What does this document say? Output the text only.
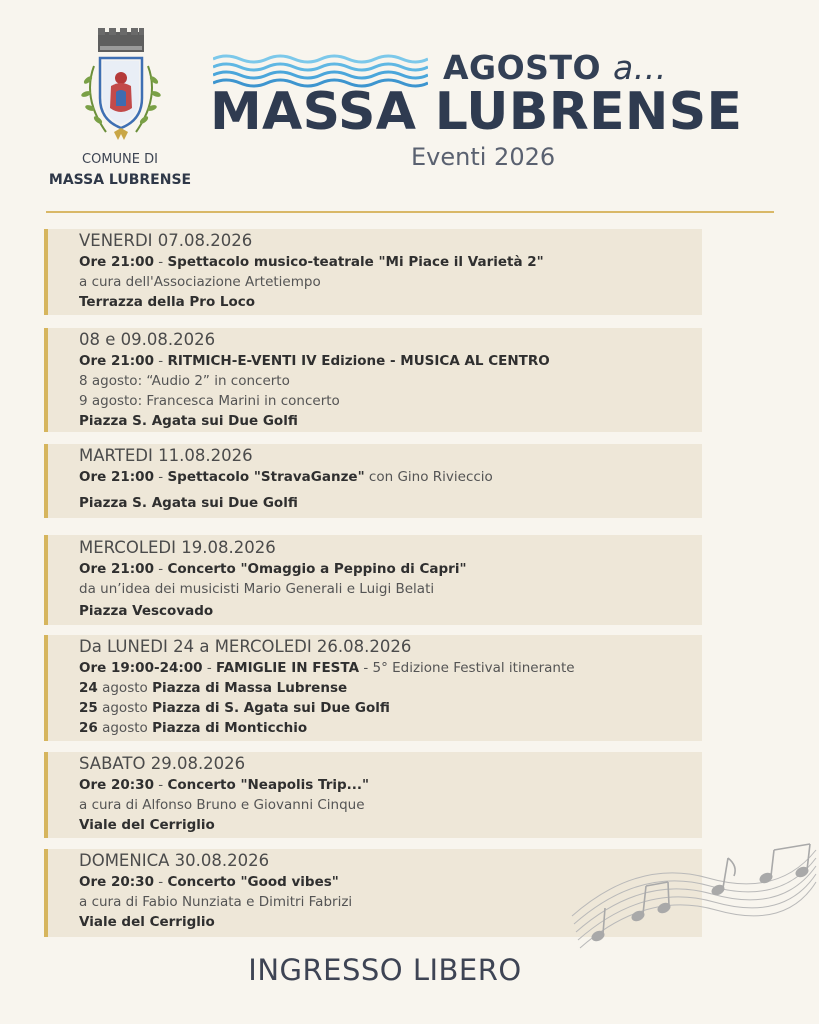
COMUNE DI
MASSA LUBRENSE
AGOSTO a...
MASSA LUBRENSE
Eventi 2026
VENERDI 07.08.2026
Ore 21:00 - Spettacolo musico-teatrale "Mi Piace il Varietà 2"
a cura dell'Associazione Artetiempo
Terrazza della Pro Loco
08 e 09.08.2026
Ore 21:00 - RITMICH-E-VENTI IV Edizione - MUSICA AL CENTRO
8 agosto: “Audio 2” in concerto
9 agosto: Francesca Marini in concerto
Piazza S. Agata sui Due Golfi
MARTEDI 11.08.2026
Ore 21:00 - Spettacolo "StravaGanze" con Gino Rivieccio
Piazza S. Agata sui Due Golfi
MERCOLEDI 19.08.2026
Ore 21:00 - Concerto "Omaggio a Peppino di Capri"
da un’idea dei musicisti Mario Generali e Luigi Belati
Piazza Vescovado
Da LUNEDI 24 a MERCOLEDI 26.08.2026
Ore 19:00-24:00 - FAMIGLIE IN FESTA - 5° Edizione Festival itinerante
24 agosto Piazza di Massa Lubrense
25 agosto Piazza di S. Agata sui Due Golfi
26 agosto Piazza di Monticchio
SABATO 29.08.2026
Ore 20:30 - Concerto "Neapolis Trip..."
a cura di Alfonso Bruno e Giovanni Cinque
Viale del Cerriglio
DOMENICA 30.08.2026
Ore 20:30 - Concerto "Good vibes"
a cura di Fabio Nunziata e Dimitri Fabrizi
Viale del Cerriglio
INGRESSO LIBERO
